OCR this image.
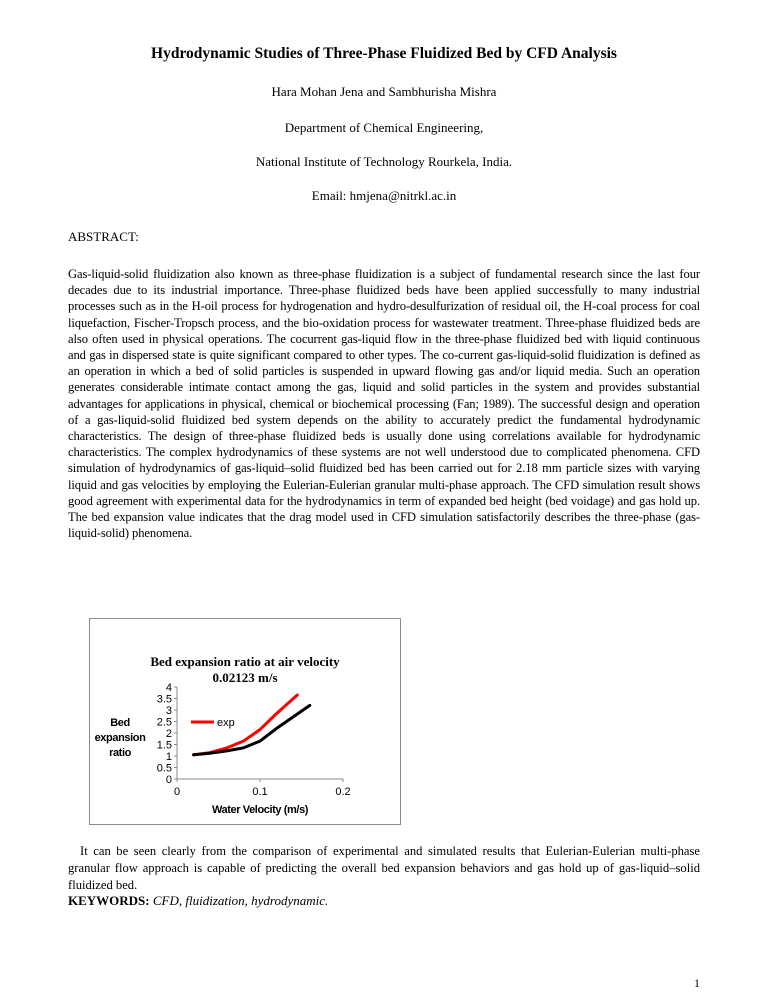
Hydrodynamic Studies of Three-Phase Fluidized Bed by CFD Analysis

Hara Mohan Jena and Sambhurisha Mishra

Department of Chemical Engineering,

National Institute of Technology Rourkela, India.

Email: hmjena@nitrkl.ac.in

ABSTRACT:

Gas-liquid-solid fluidization also known as three-phase fluidization is a subject of fundamental research since the last four decades due to its industrial importance. Three-phase fluidized beds have been applied successfully to many industrial processes such as in the H-oil process for hydrogenation and hydro-desulfurization of residual oil, the H-coal process for coal liquefaction, Fischer-Tropsch process, and the bio-oxidation process for wastewater treatment. Three-phase fluidized beds are also often used in physical operations. The cocurrent gas-liquid flow in the three-phase fluidized bed with liquid continuous and gas in dispersed state is quite significant compared to other types. The co-current gas-liquid-solid fluidization is defined as an operation in which a bed of solid particles is suspended in upward flowing gas and/or liquid media. Such an operation generates considerable intimate contact among the gas, liquid and solid particles in the system and provides substantial advantages for applications in physical, chemical or biochemical processing (Fan; 1989). The successful design and operation of a gas-liquid-solid fluidized bed system depends on the ability to accurately predict the fundamental hydrodynamic characteristics. The design of three-phase fluidized beds is usually done using correlations available for hydrodynamic characteristics. The complex hydrodynamics of these systems are not well understood due to complicated phenomena. CFD simulation of hydrodynamics of gas-liquid–solid fluidized bed has been carried out for 2.18 mm particle sizes with varying liquid and gas velocities by employing the Eulerian-Eulerian granular multi-phase approach. The CFD simulation result shows good agreement with experimental data for the hydrodynamics in term of expanded bed height (bed voidage) and gas hold up. The bed expansion value indicates that the drag model used in CFD simulation satisfactorily describes the three-phase (gas-liquid-solid) phenomena.

Bed expansion ratio at air velocity
0.02123 m/s
0
0.5
1
1.5
2
2.5
3
3.5
4
0	0.1	0.2
Water Velocity (m/s)
Bed
expansion
ratio
exp

It can be seen clearly from the comparison of experimental and simulated results that Eulerian-Eulerian multi-phase granular flow approach is capable of predicting the overall bed expansion behaviors and gas hold up of gas-liquid–solid fluidized bed.

KEYWORDS: CFD, fluidization, hydrodynamic.

1
